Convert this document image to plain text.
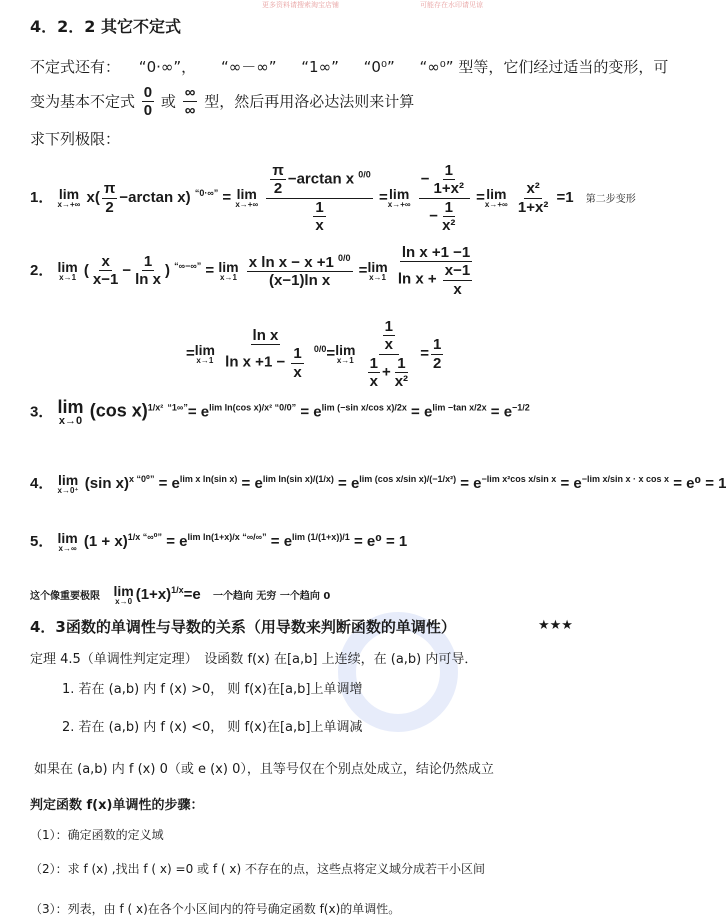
更多资料请搜索淘宝店铺	可能存在水印请见谅
4．2．2 其它不定式
不定式还有： “0·∞”， “∞－∞” “1∞” “0⁰” “∞⁰” 型等，它们经过适当的变形，可
变为基本不定式 $\frac{0}{0}$ 或 $\frac{\infty}{\infty}$ 型，然后再用洛必达法则来计算
求下列极限：
1． lim
x→+∞ $x( \frac{\pi}{2} -\arctan$ x) $^{“0\cdot\infty”}$ = lim
x→+∞
$\frac{\frac{\pi}{2} -\arctan x ^{0/0}}{\frac{1}{x}} = \lim$
x→+∞
$\frac{- \frac{1}{\text{1+x²}}}{- \frac{1}{\text{x²}}} = \lim$
x→+∞
$\frac{\text{x²}}{\text{1+x²}} =1$ 第二步变形
2． lim
x→1 ( $\frac{x}{x-1} - \frac{1}{\text{ln x}}$ ) “∞−∞” = lim
x→1
$\frac{x \ln x - x +1 ^{0/0}}{\text{(x−1)ln x}} = \lim$
x→1
$\frac{\text{ln x +1 −1}}{\ln x + \frac{x-1}{x}}$
= lim
x→1
$\frac{\text{ln x}}{\ln x +1 - \frac{1}{x}} ^{0/0}= \lim$
x→1
$\frac{\frac{1}{x}}{\frac{1}{x} + \frac{1}{\text{x²}}} = \frac{1}{2}$
3． lim
x→0
(cos x)$^{1/x^2}$ $^{“1\infty”}= e^{lim ln(cos x)/x^2 “0/0”} = e^{lim (-sin x/cos x)/2x} = e^{lim -tan x/2x} = e^{-1/2}$
4． lim
x→0⁺ (sin $x)^{x “0^0”} = e^{lim x ln(sin x)} = e^{lim ln(sin x)/(1/x)} = e^{lim (cos x/sin x)/(-1/x^2)} = e^{-lim x^2cos x/sin x} = e^{-lim x/sin x \cdot x cos x} = e^0 = 1$
5． lim
x→∞ $(1 + x)^{1/x “\infty^0”} = e^{lim ln(1+x)/x “\infty/\infty”} = e^{lim (1/(1+x))/1} = e^0 = 1$
这个像重要极限 lim
x→0 $(1+x)^{1/x}=e$ 一个趋向 无穷 一个趋向 0
4．3函数的单调性与导数的关系（用导数来判断函数的单调性）	★★★
定理 4.5（单调性判定定理）　设函数 f(x) 在[a,b] 上连续，在 (a,b) 内可导．
1. 若在 (a,b) 内 f (x) >0， 则 f(x)在[a,b]上单调增
2. 若在 (a,b) 内 f (x) <0， 则 f(x)在[a,b]上单调减
如果在 (a,b) 内 f (x) 0（或 e (x) 0），且等号仅在个别点处成立，结论仍然成立
判定函数 f(x)单调性的步骤：
（1）：确定函数的定义域
（2）：求 f (x) ,找出 f ( x) =0 或 f ( x) 不存在的点，这些点将定义域分成若干小区间
（3）：列表，由 f ( x)在各个小区间内的符号确定函数 f(x)的单调性。
